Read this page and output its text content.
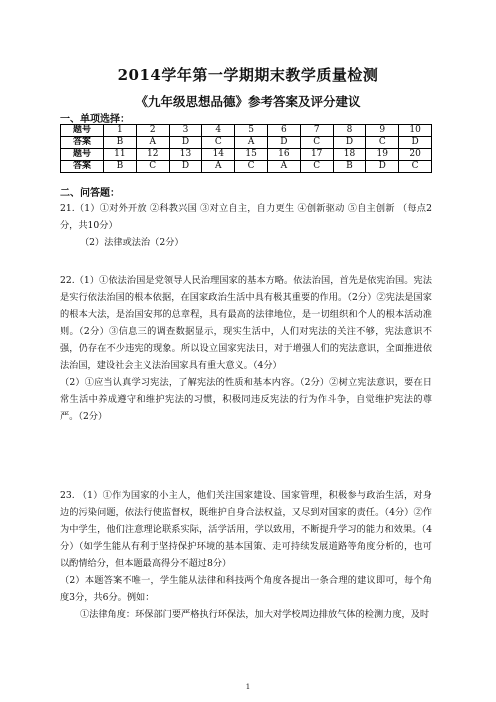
2014学年第一学期期末教学质量检测
《九年级思想品德》参考答案及评分建议
一、单项选择：
题号	1	2	3	4	5	6	7	8	9	10
答案	B	A	D	C	A	D	C	D	C	D
题号	11	12	13	14	15	16	17	18	19	20
答案	B	C	D	A	C	A	C	B	D	C
二、问答题：

21.（1）①对外开放 ②科教兴国 ③对立自主，自力更生 ④创新驱动 ⑤自主创新 （每点2分，共10分）

（2）法律或法治（2分）

22.（1）①依法治国是党领导人民治理国家的基本方略。依法治国，首先是依宪治国。宪法是实行依法治国的根本依据，在国家政治生活中具有极其重要的作用。（2分）②宪法是国家的根本大法，是治国安邦的总章程，具有最高的法律地位，是一切组织和个人的根本活动准则。（2分）③信息三的调查数据显示，现实生活中，人们对宪法的关注不够，宪法意识不强，仍存在不少违宪的现象。所以设立国家宪法日，对于增强人们的宪法意识，全面推进依法治国，建设社会主义法治国家具有重大意义。（4分）

（2）①应当认真学习宪法，了解宪法的性质和基本内容。（2分）②树立宪法意识，要在日常生活中养成遵守和维护宪法的习惯，积极同违反宪法的行为作斗争，自觉维护宪法的尊严。（2分）

23. （1）①作为国家的小主人，他们关注国家建设、国家管理，积极参与政治生活，对身边的污染问题，依法行使监督权，既维护自身合法权益，又尽到对国家的责任。（4分）②作为中学生，他们注意理论联系实际，活学活用，学以致用，不断提升学习的能力和效果。（4分）（如学生能从有利于坚持保护环境的基本国策、走可持续发展道路等角度分析的，也可以酌情给分，但本题最高得分不超过8分）

（2）本题答案不唯一，学生能从法律和科技两个角度各提出一条合理的建议即可，每个角度3分，共6分。例如：

①法律角度：环保部门要严格执行环保法，加大对学校周边排放气体的检测力度，及时

1
